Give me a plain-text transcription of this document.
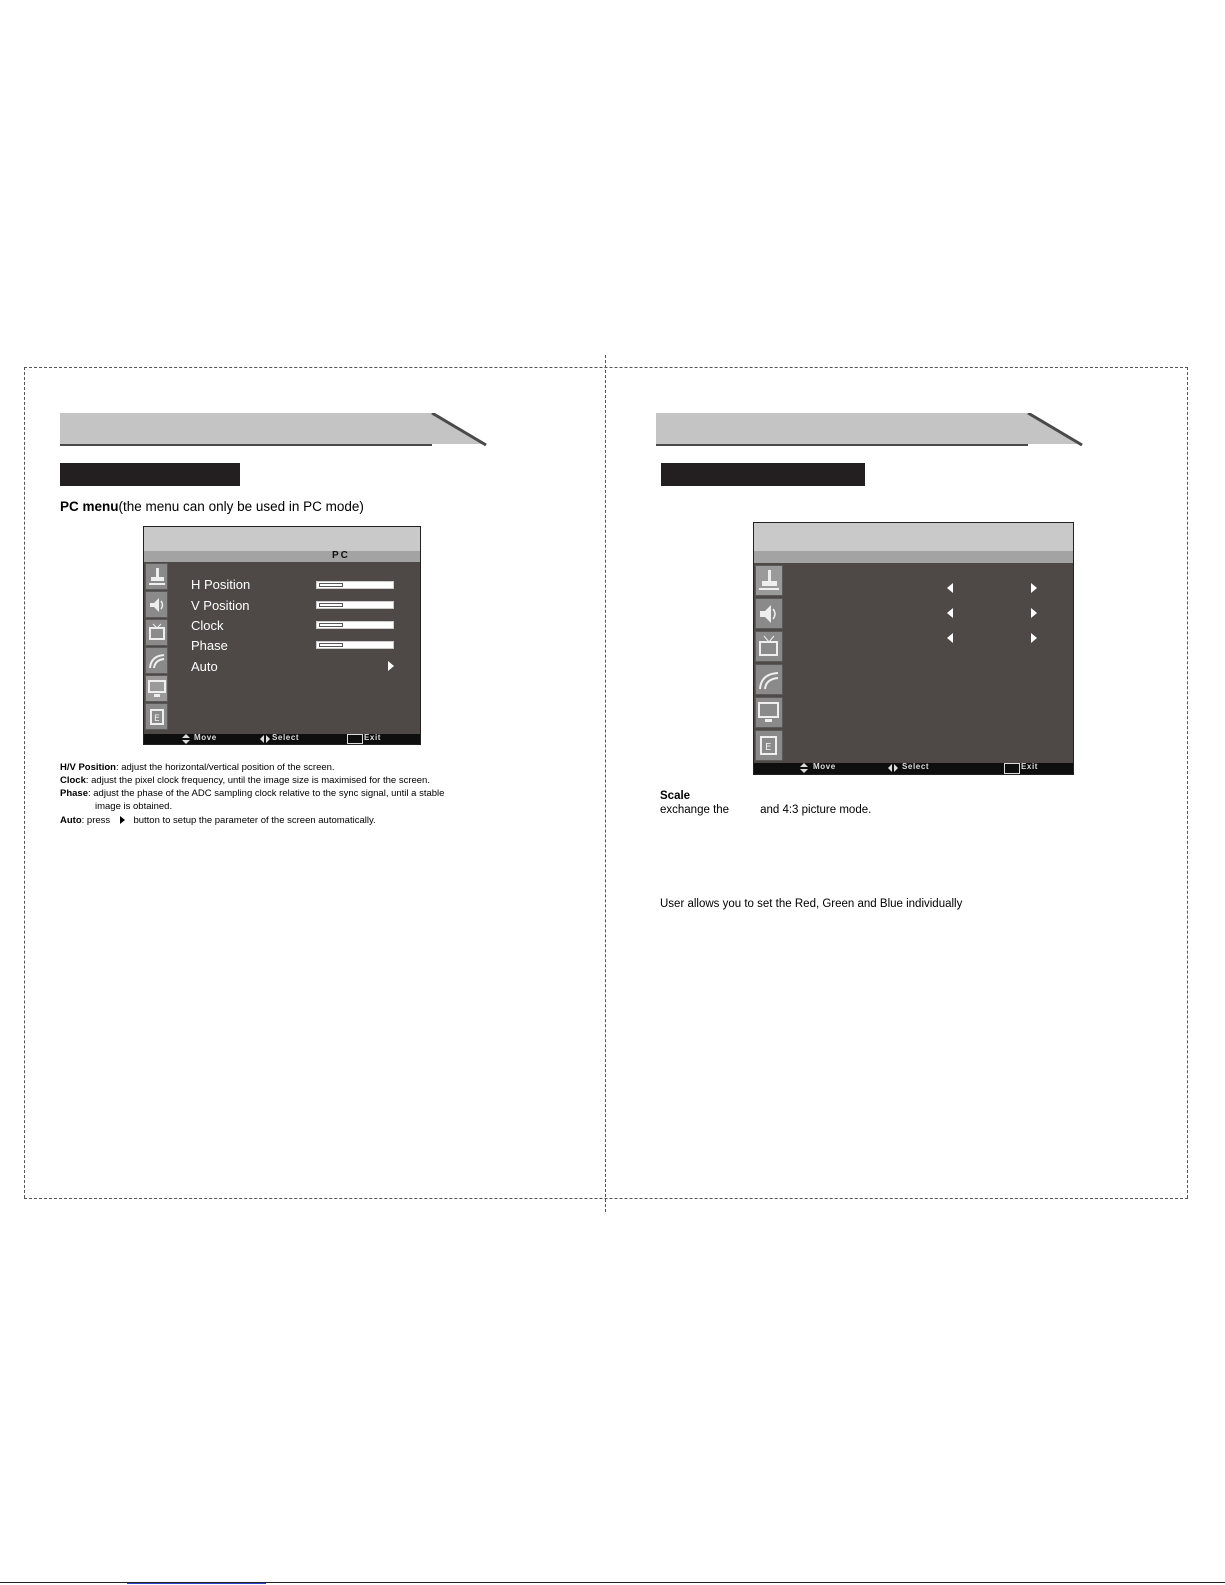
PC menu(the menu can only be used in PC mode)
PC
E
H Position
V Position
Clock
Phase
Auto
Move	Select	Exit
H/V Position: adjust the horizontal/vertical position of the screen.
Clock: adjust the pixel clock frequency, until the image size is maximised for the screen.
Phase: adjust the phase of the ADC sampling clock relative to the sync signal, until a stable
image is obtained.
Auto: press button to setup the parameter of the screen automatically.
E
Move	Select	Exit
Scale
exchange the	and 4:3 picture mode.
User allows you to set the Red, Green and Blue individually
